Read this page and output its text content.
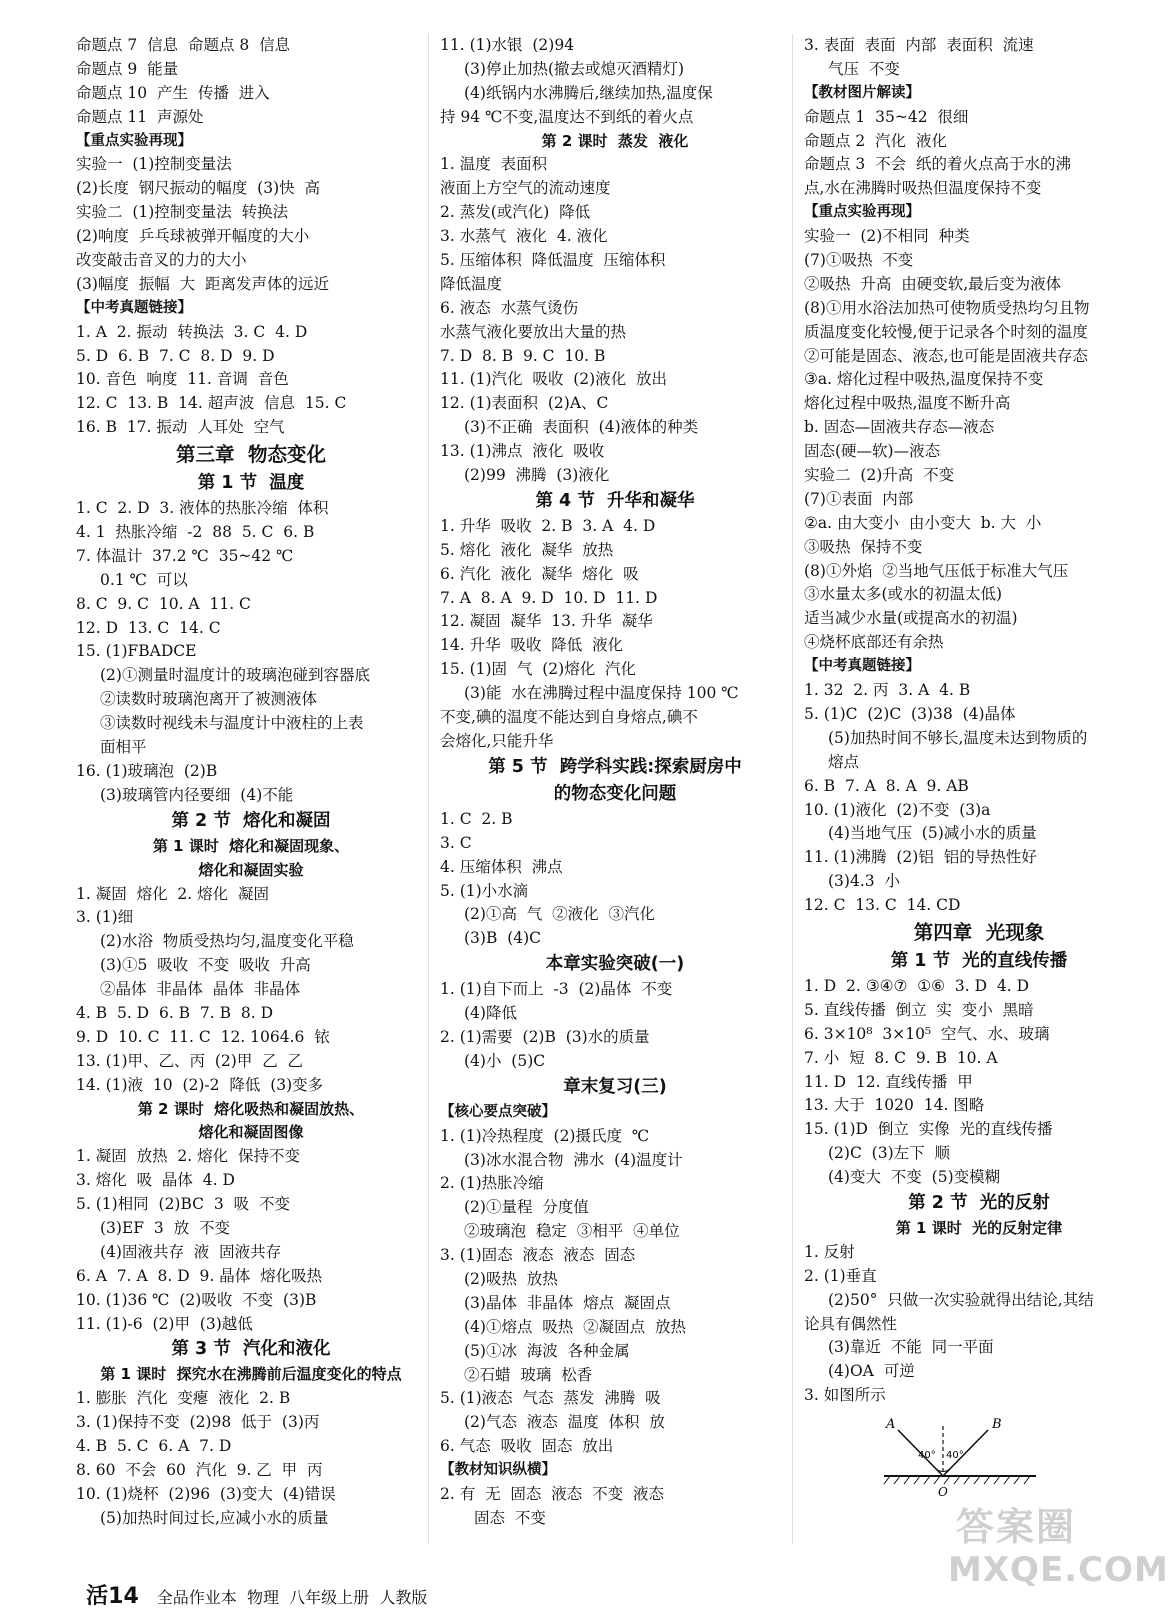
命题点 7  信息  命题点 8  信息
命题点 9  能量
命题点 10  产生  传播  进入
命题点 11  声源处
【重点实验再现】
实验一  (1)控制变量法
(2)长度  钢尺振动的幅度  (3)快  高
实验二  (1)控制变量法  转换法
(2)响度  乒乓球被弹开幅度的大小
改变敲击音叉的力的大小
(3)幅度  振幅  大  距离发声体的远近
【中考真题链接】
1. A  2. 振动  转换法  3. C  4. D
5. D  6. B  7. C  8. D  9. D
10. 音色  响度  11. 音调  音色
12. C  13. B  14. 超声波  信息  15. C
16. B  17. 振动  人耳处  空气
第三章  物态变化
第 1 节  温度
1. C  2. D  3. 液体的热胀冷缩  体积
4. 1  热胀冷缩  -2  88  5. C  6. B
7. 体温计  37.2 ℃  35~42 ℃
0.1 ℃  可以
8. C  9. C  10. A  11. C
12. D  13. C  14. C
15. (1)FBADCE
(2)①测量时温度计的玻璃泡碰到容器底
②读数时玻璃泡离开了被测液体
③读数时视线未与温度计中液柱的上表
面相平
16. (1)玻璃泡  (2)B
(3)玻璃管内径要细  (4)不能
第 2 节  熔化和凝固
第 1 课时  熔化和凝固现象、
熔化和凝固实验
1. 凝固  熔化  2. 熔化  凝固
3. (1)细
(2)水浴  物质受热均匀,温度变化平稳
(3)①5  吸收  不变  吸收  升高
②晶体  非晶体  晶体  非晶体
4. B  5. D  6. B  7. B  8. D
9. D  10. C  11. C  12. 1064.6  铱
13. (1)甲、乙、丙  (2)甲  乙  乙
14. (1)液  10  (2)-2  降低  (3)变多
第 2 课时  熔化吸热和凝固放热、
熔化和凝固图像
1. 凝固  放热  2. 熔化  保持不变
3. 熔化  吸  晶体  4. D
5. (1)相同  (2)BC  3  吸  不变
(3)EF  3  放  不变
(4)固液共存  液  固液共存
6. A  7. A  8. D  9. 晶体  熔化吸热
10. (1)36 ℃  (2)吸收  不变  (3)B
11. (1)-6  (2)甲  (3)越低
第 3 节  汽化和液化
第 1 课时  探究水在沸腾前后温度变化的特点
1. 膨胀  汽化  变瘪  液化  2. B
3. (1)保持不变  (2)98  低于  (3)丙
4. B  5. C  6. A  7. D
8. 60  不会  60  汽化  9. 乙  甲  丙
10. (1)烧杯  (2)96  (3)变大  (4)错误
(5)加热时间过长,应减小水的质量
11. (1)水银  (2)94
(3)停止加热(撤去或熄灭酒精灯)
(4)纸锅内水沸腾后,继续加热,温度保
持 94 ℃不变,温度达不到纸的着火点
第 2 课时  蒸发  液化
1. 温度  表面积
液面上方空气的流动速度
2. 蒸发(或汽化)  降低
3. 水蒸气  液化  4. 液化
5. 压缩体积  降低温度  压缩体积
降低温度
6. 液态  水蒸气烫伤
水蒸气液化要放出大量的热
7. D  8. B  9. C  10. B
11. (1)汽化  吸收  (2)液化  放出
12. (1)表面积  (2)A、C
(3)不正确  表面积  (4)液体的种类
13. (1)沸点  液化  吸收
(2)99  沸腾  (3)液化
第 4 节  升华和凝华
1. 升华  吸收  2. B  3. A  4. D
5. 熔化  液化  凝华  放热
6. 汽化  液化  凝华  熔化  吸
7. A  8. A  9. D  10. D  11. D
12. 凝固  凝华  13. 升华  凝华
14. 升华  吸收  降低  液化
15. (1)固  气  (2)熔化  汽化
(3)能  水在沸腾过程中温度保持 100 ℃
不变,碘的温度不能达到自身熔点,碘不
会熔化,只能升华
第 5 节  跨学科实践:探索厨房中
的物态变化问题
1. C  2. B
3. C
4. 压缩体积  沸点
5. (1)小水滴
(2)①高  气  ②液化  ③汽化
(3)B  (4)C
本章实验突破(一)
1. (1)自下而上  -3  (2)晶体  不变
(4)降低
2. (1)需要  (2)B  (3)水的质量
(4)小  (5)C
章末复习(三)
【核心要点突破】
1. (1)冷热程度  (2)摄氏度  ℃
(3)冰水混合物  沸水  (4)温度计
2. (1)热胀冷缩
(2)①量程  分度值
②玻璃泡  稳定  ③相平  ④单位
3. (1)固态  液态  液态  固态
(2)吸热  放热
(3)晶体  非晶体  熔点  凝固点
(4)①熔点  吸热  ②凝固点  放热
(5)①冰  海波  各种金属
②石蜡  玻璃  松香
5. (1)液态  气态  蒸发  沸腾  吸
(2)气态  液态  温度  体积  放
6. 气态  吸收  固态  放出
【教材知识纵横】
2. 有  无  固态  液态  不变  液态
固态  不变
3. 表面  表面  内部  表面积  流速
气压  不变
【教材图片解读】
命题点 1  35~42  很细
命题点 2  汽化  液化
命题点 3  不会  纸的着火点高于水的沸
点,水在沸腾时吸热但温度保持不变
【重点实验再现】
实验一  (2)不相同  种类
(7)①吸热  不变
②吸热  升高  由硬变软,最后变为液体
(8)①用水浴法加热可使物质受热均匀且物
质温度变化较慢,便于记录各个时刻的温度
②可能是固态、液态,也可能是固液共存态
③a. 熔化过程中吸热,温度保持不变
熔化过程中吸热,温度不断升高
b. 固态—固液共存态—液态
固态(硬—软)—液态
实验二  (2)升高  不变
(7)①表面  内部
②a. 由大变小  由小变大  b. 大  小
③吸热  保持不变
(8)①外焰  ②当地气压低于标准大气压
③水量太多(或水的初温太低)
适当减少水量(或提高水的初温)
④烧杯底部还有余热
【中考真题链接】
1. 32  2. 丙  3. A  4. B
5. (1)C  (2)C  (3)38  (4)晶体
(5)加热时间不够长,温度未达到物质的
熔点
6. B  7. A  8. A  9. AB
10. (1)液化  (2)不变  (3)a
(4)当地气压  (5)减小水的质量
11. (1)沸腾  (2)铝  铝的导热性好
(3)4.3  小
12. C  13. C  14. CD
第四章  光现象
第 1 节  光的直线传播
1. D  2. ③④⑦  ①⑥  3. D  4. D
5. 直线传播  倒立  实  变小  黑暗
6. 3×10⁸  3×10⁵  空气、水、玻璃
7. 小  短  8. C  9. B  10. A
11. D  12. 直线传播  甲
13. 大于  1020  14. 图略
15. (1)D  倒立  实像  光的直线传播
(2)C  (3)左下  顺
(4)变大  不变  (5)变模糊
第 2 节  光的反射
第 1 课时  光的反射定律
1. 反射
2. (1)垂直
(2)50°  只做一次实验就得出结论,其结
论具有偶然性
(3)靠近  不能  同一平面
(4)OA  可逆
3. 如图所示
A	B
O
40° 40°

活14 全品作业本  物理  八年级上册  人教版

答案圈
MXQE.COM
